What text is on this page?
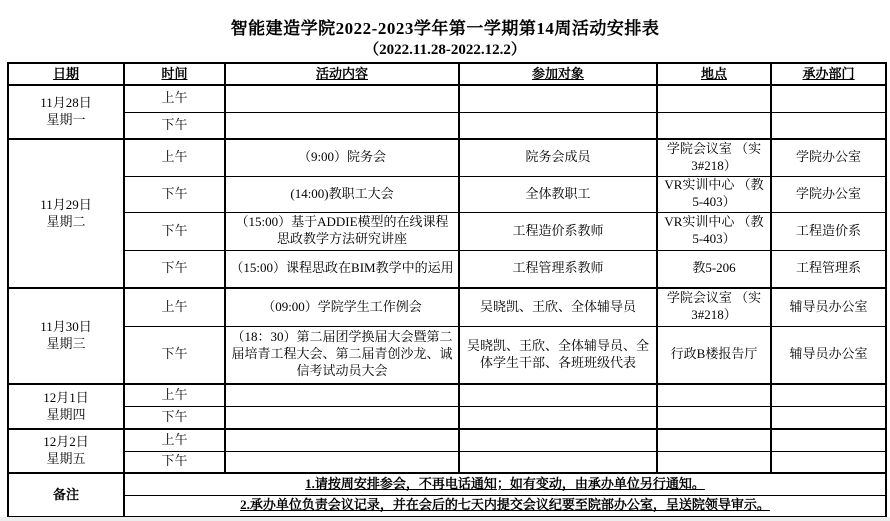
智能建造学院2022-2023学年第一学期第14周活动安排表
（2022.11.28-2022.12.2）
日期	时间	活动内容	参加对象	地点	承办部门

11月28日
星期一	上午				
	下午				

11月29日
星期二	上午	（9:00）院务会	院务会成员	学院会议室 （实3#218）	学院办公室
	下午	(14:00)教职工大会	全体教职工	VR实训中心 （教5-403）	学院办公室
	下午	（15:00）基于ADDIE模型的在线课程思政教学方法研究讲座	工程造价系教师	VR实训中心 （教5-403）	工程造价系
	下午	（15:00）课程思政在BIM教学中的运用	工程管理系教师	教5-206	工程管理系

11月30日
星期三	上午	（09:00）学院学生工作例会	吴晓凯、王欣、全体辅导员	学院会议室 （实3#218）	辅导员办公室
	下午	（18：30）第二届团学换届大会暨第二届培青工程大会、第二届青创沙龙、诚信考试动员大会	吴晓凯、王欣、全体辅导员、全体学生干部、各班班级代表	行政B楼报告厅	辅导员办公室

12月1日
星期四	上午				
	下午				

12月2日
星期五	上午				
	下午				
备注	1.请按周安排参会，不再电话通知；如有变动，由承办单位另行通知。				
	2.承办单位负责会议记录，并在会后的七天内提交会议纪要至院部办公室，呈送院领导审示。				
